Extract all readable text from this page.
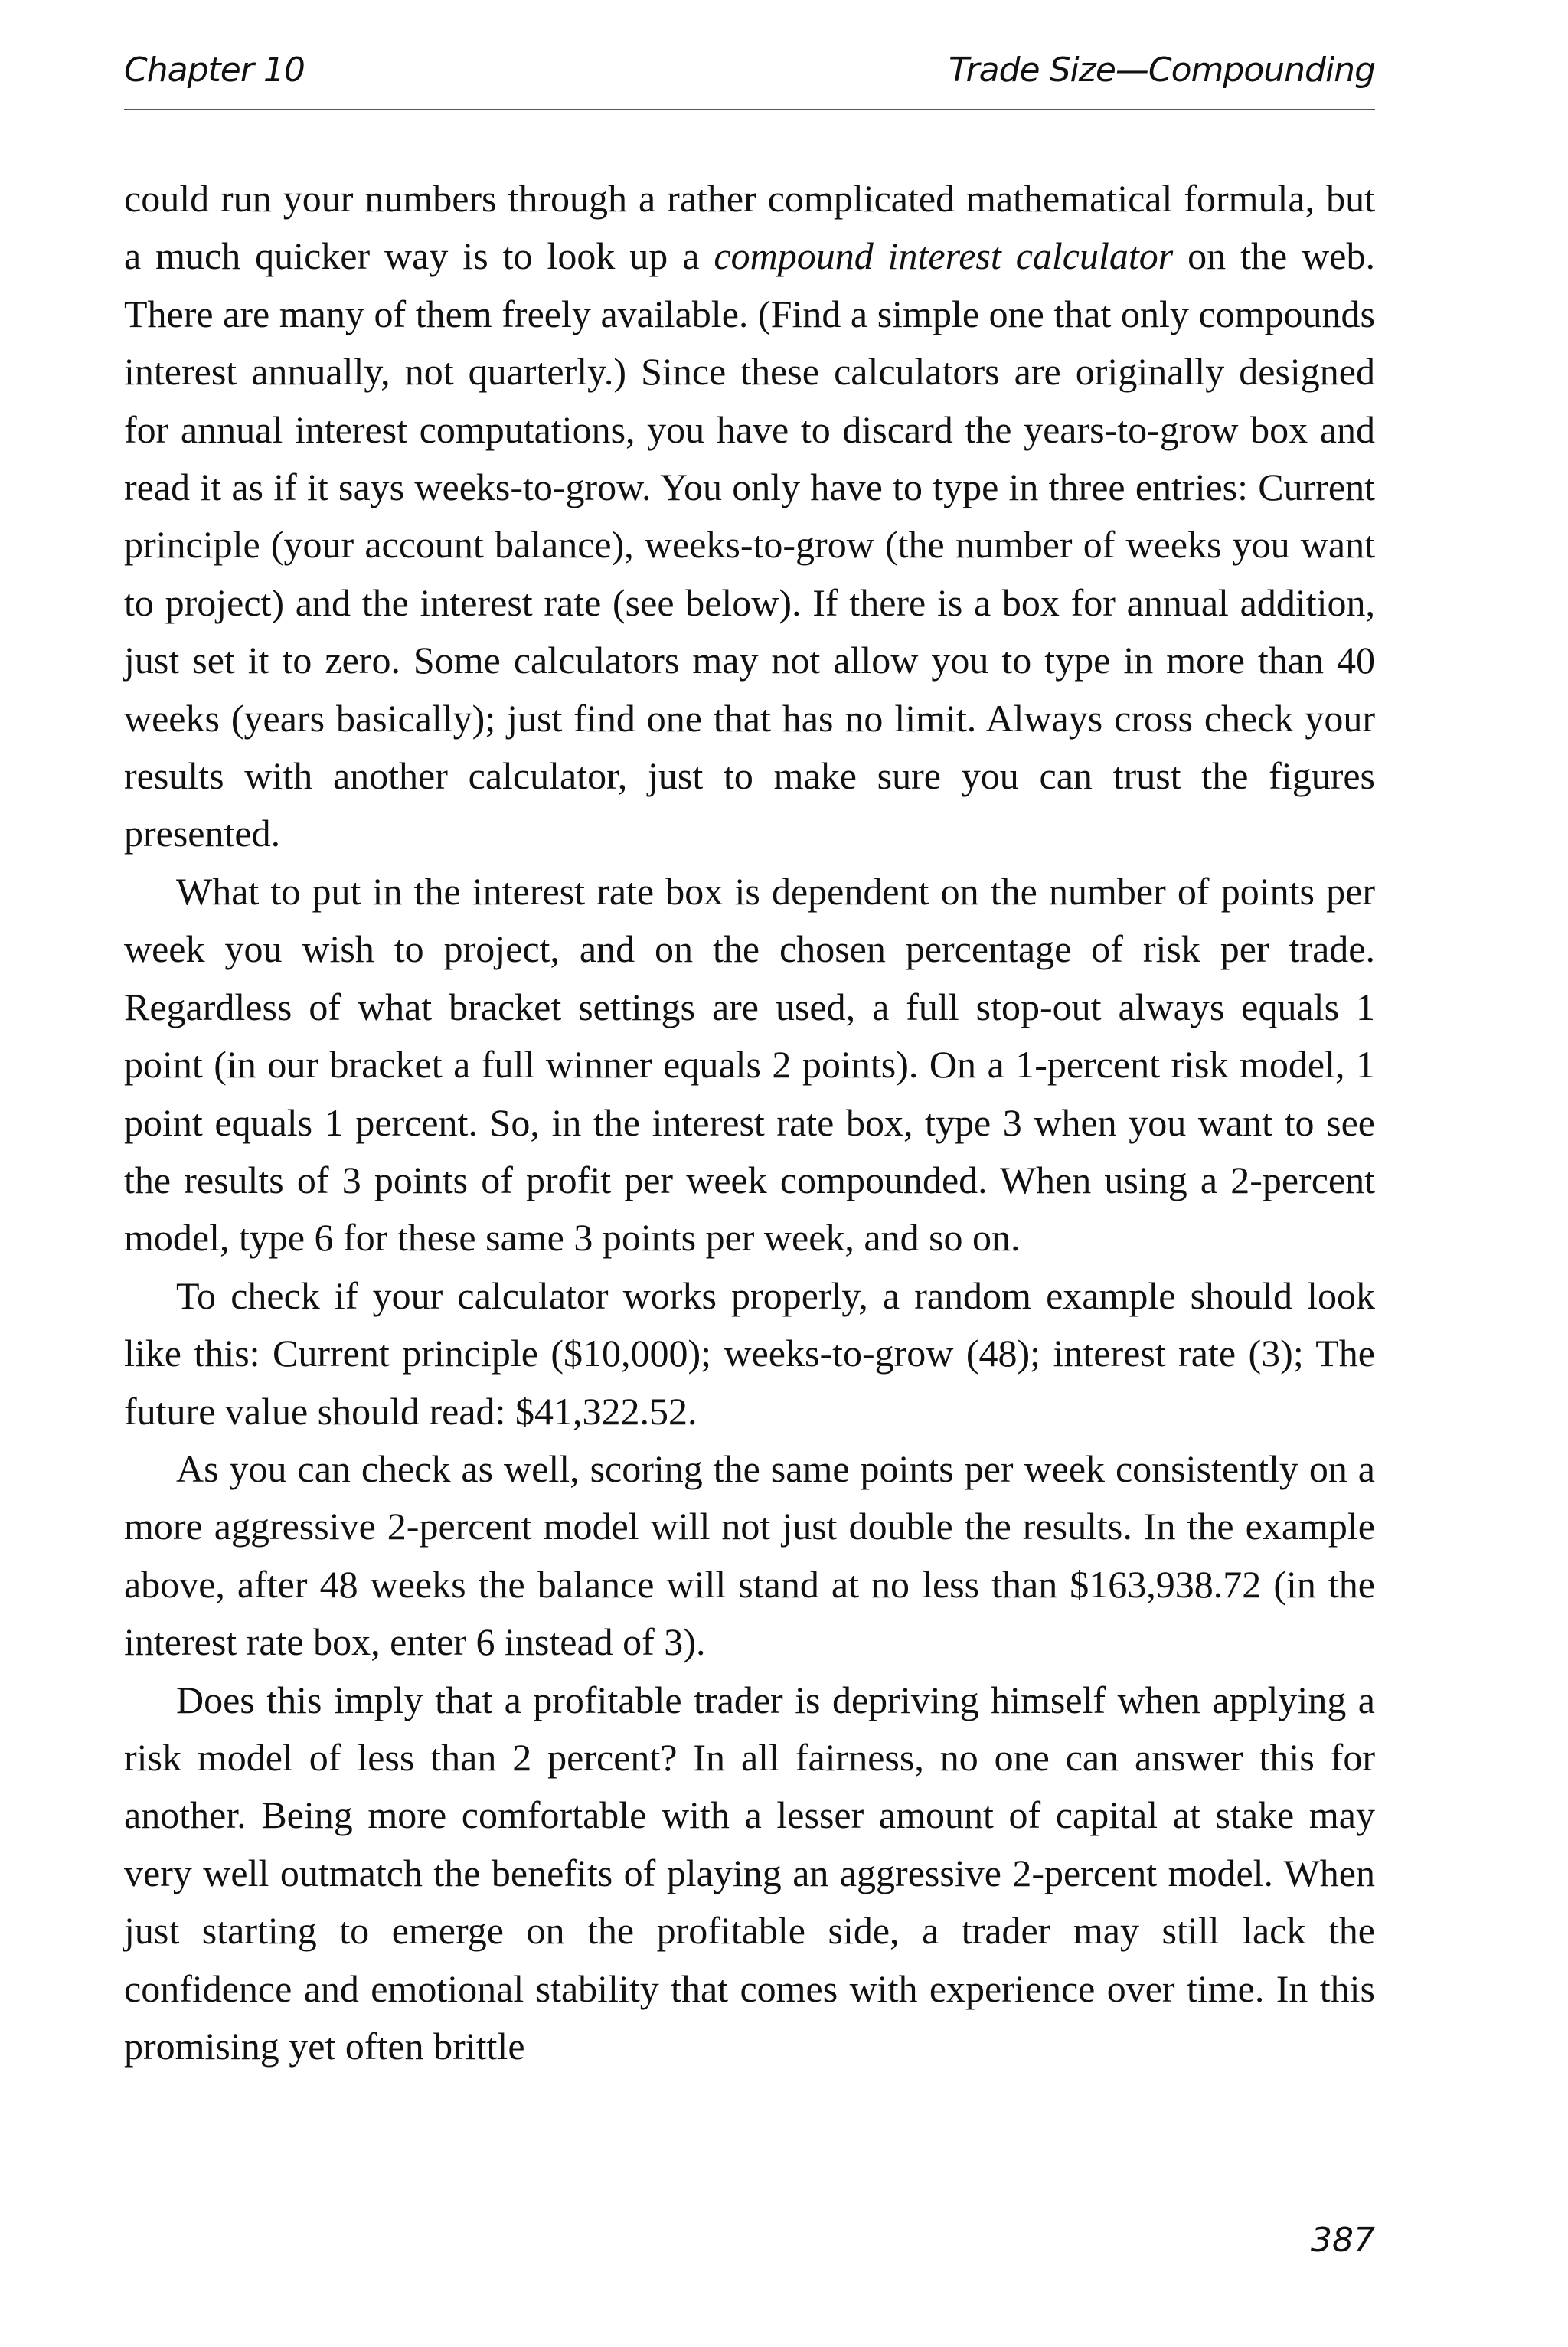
Chapter 10	Trade Size—Compounding

could run your numbers through a rather complicated mathematical formula, but a much quicker way is to look up a compound interest calculator on the web. There are many of them freely available. (Find a simple one that only compounds interest annually, not quarterly.) Since these calculators are originally designed for annual interest computations, you have to discard the years-to-grow box and read it as if it says weeks-to-grow. You only have to type in three entries: Current principle (your account balance), weeks-to-grow (the number of weeks you want to project) and the interest rate (see below). If there is a box for annual addition, just set it to zero. Some calculators may not allow you to type in more than 40 weeks (years basically); just find one that has no limit. Always cross check your results with another calculator, just to make sure you can trust the figures presented.

What to put in the interest rate box is dependent on the number of points per week you wish to project, and on the chosen percentage of risk per trade. Regardless of what bracket settings are used, a full stop-out always equals 1 point (in our bracket a full winner equals 2 points). On a 1-percent risk model, 1 point equals 1 percent. So, in the interest rate box, type 3 when you want to see the results of 3 points of profit per week compounded. When using a 2-percent model, type 6 for these same 3 points per week, and so on.

To check if your calculator works properly, a random example should look like this: Current principle ($10,000); weeks-to-grow (48); interest rate (3); The future value should read: $41,322.52.

As you can check as well, scoring the same points per week consistently on a more aggressive 2-percent model will not just double the results. In the example above, after 48 weeks the balance will stand at no less than $163,938.72 (in the interest rate box, enter 6 instead of 3).

Does this imply that a profitable trader is depriving himself when applying a risk model of less than 2 percent? In all fairness, no one can answer this for another. Being more comfortable with a lesser amount of capital at stake may very well outmatch the benefits of playing an aggressive 2-percent model. When just starting to emerge on the profitable side, a trader may still lack the confidence and emotional stability that comes with experience over time. In this promising yet often brittle

387
